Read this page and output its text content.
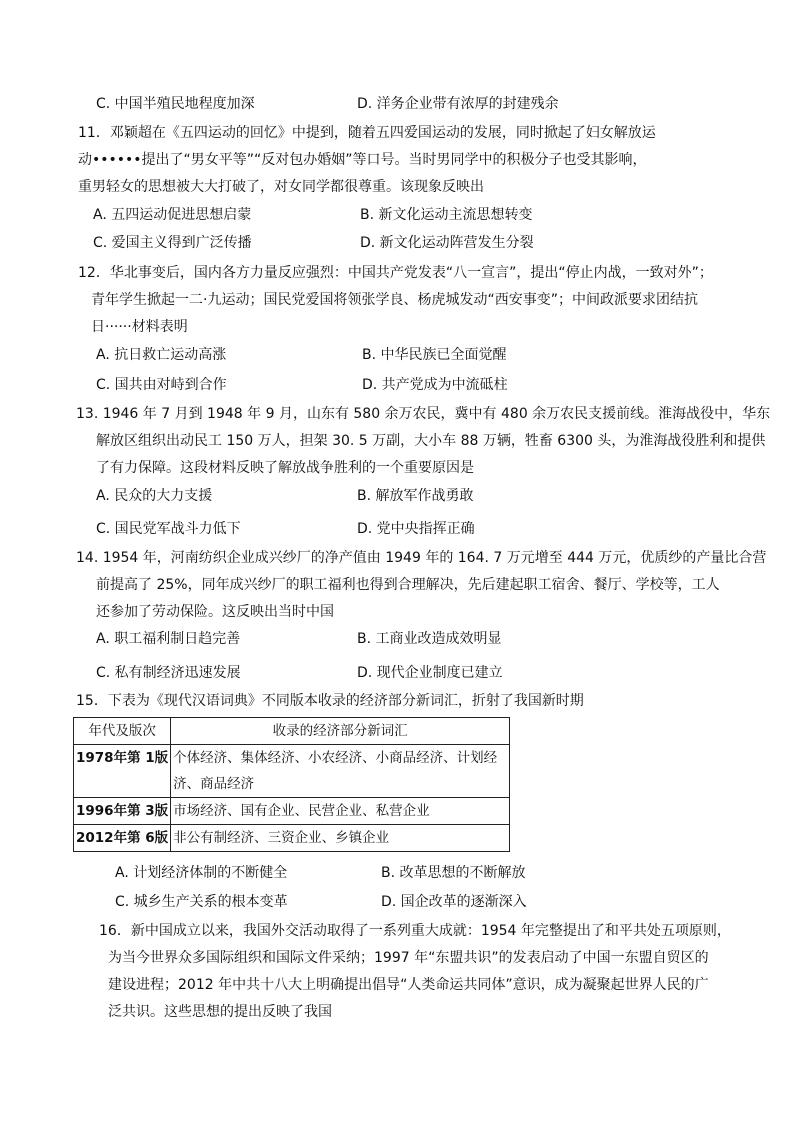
C. 中国半殖民地程度加深	D. 洋务企业带有浓厚的封建残余
11．邓颖超在《五四运动的回忆》中提到，随着五四爱国运动的发展，同时掀起了妇女解放运
动••••••提出了“男女平等”“反对包办婚姻”等口号。当时男同学中的积极分子也受其影响，
重男轻女的思想被大大打破了，对女同学都很尊重。该现象反映出
A. 五四运动促进思想启蒙	B. 新文化运动主流思想转变
C. 爱国主义得到广泛传播	D. 新文化运动阵营发生分裂
12．华北事变后，国内各方力量反应强烈：中国共产党发表“八一宣言”，提出“停止内战，一致对外”；
青年学生掀起一二·九运动；国民党爱国将领张学良、杨虎城发动“西安事变”；中间政派要求团结抗
日······材料表明
A. 抗日救亡运动高涨	B. 中华民族已全面觉醒
C. 国共由对峙到合作	D. 共产党成为中流砥柱
13. 1946 年 7 月到 1948 年 9 月，山东有 580 余万农民，冀中有 480 余万农民支援前线。淮海战役中，华东
解放区组织出动民工 150 万人，担架 30. 5 万副，大小车 88 万辆，牲畜 6300 头，为淮海战役胜利和提供
了有力保障。这段材料反映了解放战争胜利的一个重要原因是
A. 民众的大力支援	B. 解放军作战勇敢
C. 国民党军战斗力低下	D. 党中央指挥正确
14. 1954 年，河南纺织企业成兴纱厂的净产值由 1949 年的 164. 7 万元增至 444 万元，优质纱的产量比合营
前提高了 25%，同年成兴纱厂的职工福利也得到合理解决，先后建起职工宿舍、餐厅、学校等，工人
还参加了劳动保险。这反映出当时中国
A. 职工福利制日趋完善	B. 工商业改造成效明显
C. 私有制经济迅速发展	D. 现代企业制度已建立
15．下表为《现代汉语词典》不同版本收录的经济部分新词汇，折射了我国新时期
年代及版次	收录的经济部分新词汇
1978年第 1版	个体经济、集体经济、小农经济、小商品经济、计划经济、商品经济
1996年第 3版	市场经济、国有企业、民营企业、私营企业
2012年第 6版	非公有制经济、三资企业、乡镇企业
A. 计划经济体制的不断健全	B. 改革思想的不断解放
C. 城乡生产关系的根本变革	D. 国企改革的逐渐深入
16．新中国成立以来，我国外交活动取得了一系列重大成就：1954 年完整提出了和平共处五项原则，
为当今世界众多国际组织和国际文件采纳；1997 年“东盟共识”的发表启动了中国一东盟自贸区的
建设进程；2012 年中共十八大上明确提出倡导“人类命运共同体”意识，成为凝聚起世界人民的广
泛共识。这些思想的提出反映了我国
